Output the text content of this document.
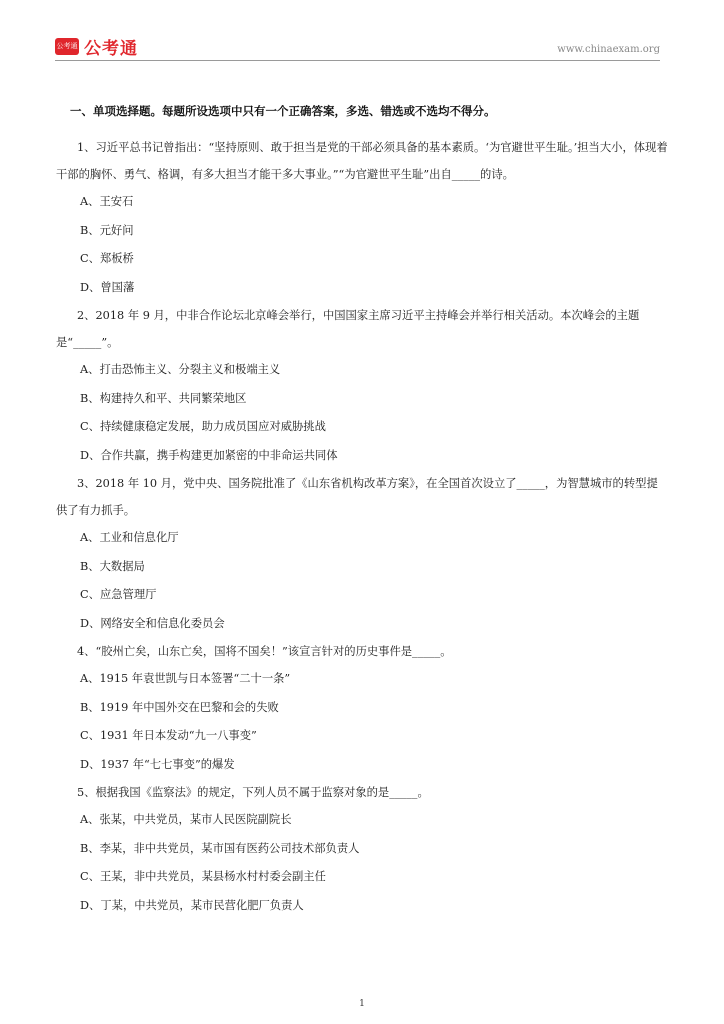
公考通 公考通	www.chinaexam.org
一、单项选择题。每题所设选项中只有一个正确答案，多选、错选或不选均不得分。

1、习近平总书记曾指出：“坚持原则、敢于担当是党的干部必须具备的基本素质。‘为官避世平生耻。’担当大小，体现着干部的胸怀、勇气、格调，有多大担当才能干多大事业。”“为官避世平生耻”出自_____的诗。

A、王安石

B、元好问

C、郑板桥

D、曾国藩

2、2018 年 9 月，中非合作论坛北京峰会举行，中国国家主席习近平主持峰会并举行相关活动。本次峰会的主题是“_____”。

A、打击恐怖主义、分裂主义和极端主义

B、构建持久和平、共同繁荣地区

C、持续健康稳定发展，助力成员国应对威胁挑战

D、合作共赢，携手构建更加紧密的中非命运共同体

3、2018 年 10 月，党中央、国务院批准了《山东省机构改革方案》，在全国首次设立了_____，为智慧城市的转型提供了有力抓手。

A、工业和信息化厅

B、大数据局

C、应急管理厅

D、网络安全和信息化委员会

4、“胶州亡矣，山东亡矣，国将不国矣！”该宣言针对的历史事件是_____。

A、1915 年袁世凯与日本签署“二十一条”

B、1919 年中国外交在巴黎和会的失败

C、1931 年日本发动“九一八事变”

D、1937 年“七七事变”的爆发

5、根据我国《监察法》的规定，下列人员不属于监察对象的是_____。

A、张某，中共党员，某市人民医院副院长

B、李某，非中共党员，某市国有医药公司技术部负责人

C、王某，非中共党员，某县杨水村村委会副主任

D、丁某，中共党员，某市民营化肥厂负责人

1
